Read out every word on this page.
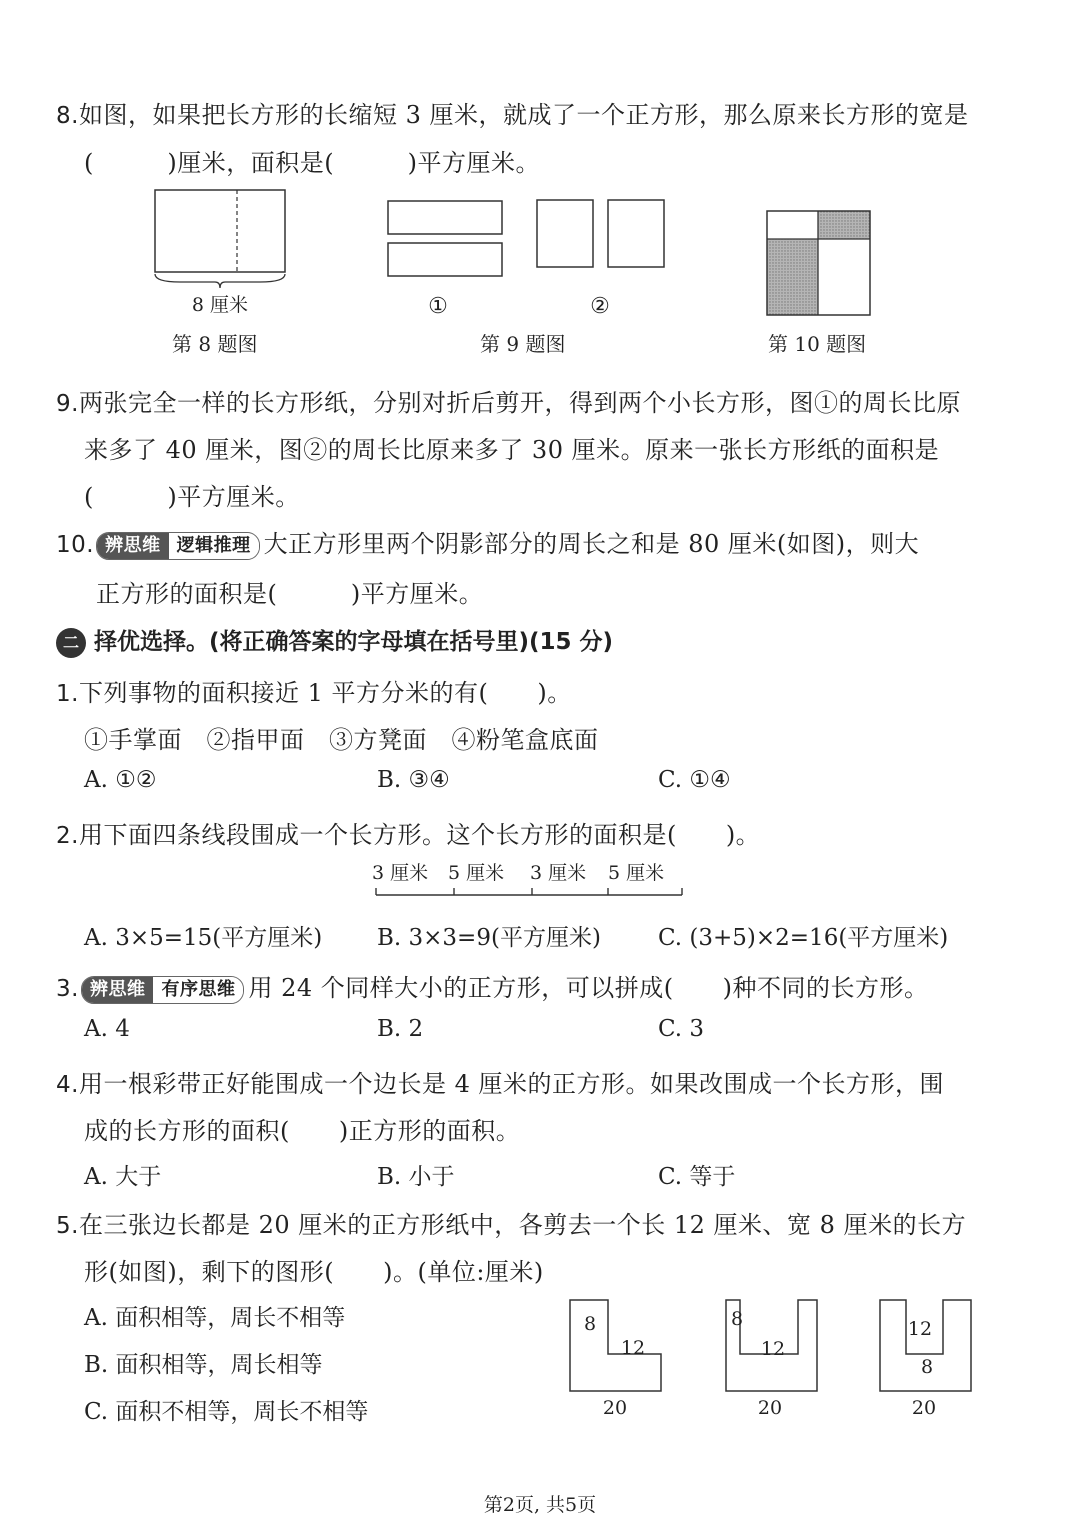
8.如图，如果把长方形的长缩短 3 厘米，就成了一个正方形，那么原来长方形的宽是
(　　　)厘米，面积是(　　　)平方厘米。
8 厘米
第 8 题图
①	②
第 9 题图	第 10 题图
9.两张完全一样的长方形纸，分别对折后剪开，得到两个小长方形，图①的周长比原
来多了 40 厘米，图②的周长比原来多了 30 厘米。原来一张长方形纸的面积是
(　　　)平方厘米。
10. 辨思维 逻辑推理 大正方形里两个阴影部分的周长之和是 80 厘米(如图)，则大
正方形的面积是(　　　)平方厘米。
二 择优选择。(将正确答案的字母填在括号里)(15 分)
1.下列事物的面积接近 1 平方分米的有(　　)。
①手掌面　②指甲面　③方凳面　④粉笔盒底面
A. ①②	B. ③④	C. ①④
2.用下面四条线段围成一个长方形。这个长方形的面积是(　　)。
3 厘米 5 厘米 3 厘米 5 厘米
A. 3×5=15(平方厘米) B. 3×3=9(平方厘米) C. (3+5)×2=16(平方厘米)
3. 辨思维 有序思维 用 24 个同样大小的正方形，可以拼成(　　)种不同的长方形。
A. 4	B. 2	C. 3
4.用一根彩带正好能围成一个边长是 4 厘米的正方形。如果改围成一个长方形，围
成的长方形的面积(　　)正方形的面积。
A. 大于	B. 小于	C. 等于
5.在三张边长都是 20 厘米的正方形纸中，各剪去一个长 12 厘米、宽 8 厘米的长方
形(如图)，剩下的图形(　　)。(单位:厘米)
A. 面积相等，周长不相等
B. 面积相等，周长相等
C. 面积不相等，周长不相等
8
12
20
8
12
20
12
8
20
第2页, 共5页
